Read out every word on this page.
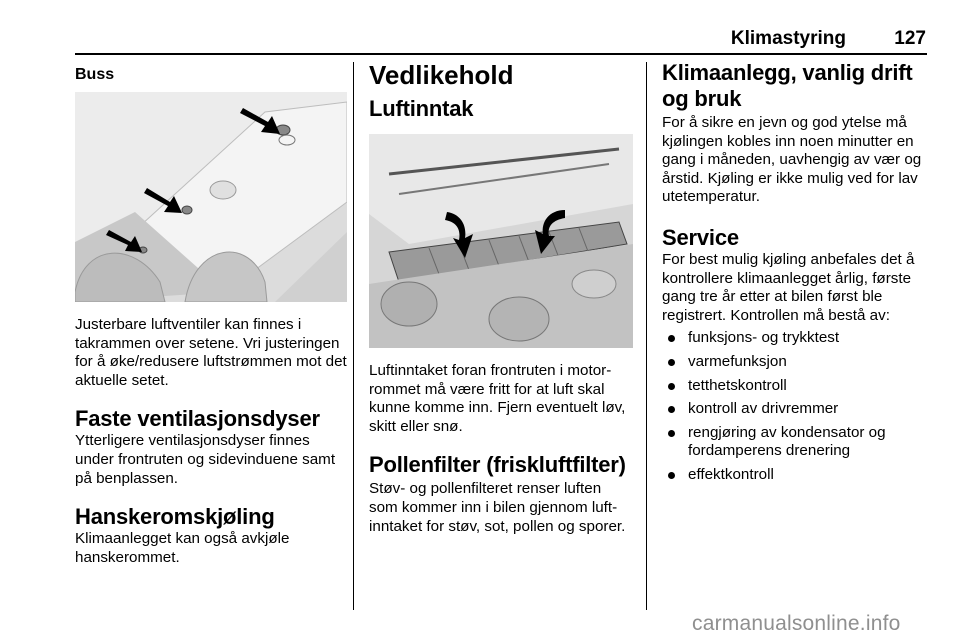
Klimastyring	127
Buss

Justerbare luftventiler kan finnes i takrammen over setene. Vri justeringen for å øke/redusere luftstrømmen mot det aktuelle setet.

Faste ventilasjonsdyser

Ytterligere ventilasjonsdyser finnes under frontruten og sidevinduene samt på benplassen.

Hanskeromskjøling

Klimaanlegget kan også avkjøle hanskerommet.

Vedlikehold
Luftinntak

Luftinntaket foran frontruten i motorrommet må være fritt for at luft skal kunne komme inn. Fjern eventuelt løv, skitt eller snø.

Pollenfilter (friskluftfilter)

Støv- og pollenfilteret renser luften som kommer inn i bilen gjennom luftinntaket for støv, sot, pollen og sporer.

Klimaanlegg, vanlig drift og bruk

For å sikre en jevn og god ytelse må kjølingen kobles inn noen minutter en gang i måneden, uavhengig av vær og årstid. Kjøling er ikke mulig ved for lav utetemperatur.

Service

For best mulig kjøling anbefales det å kontrollere klimaanlegget årlig, første gang tre år etter at bilen først ble registrert. Kontrollen må bestå av:

funksjons- og trykktest
varmefunksjon
tetthetskontroll
kontroll av drivremmer
rengjøring av kondensator og fordamperens drenering
effektkontroll
carmanualsonline.info
